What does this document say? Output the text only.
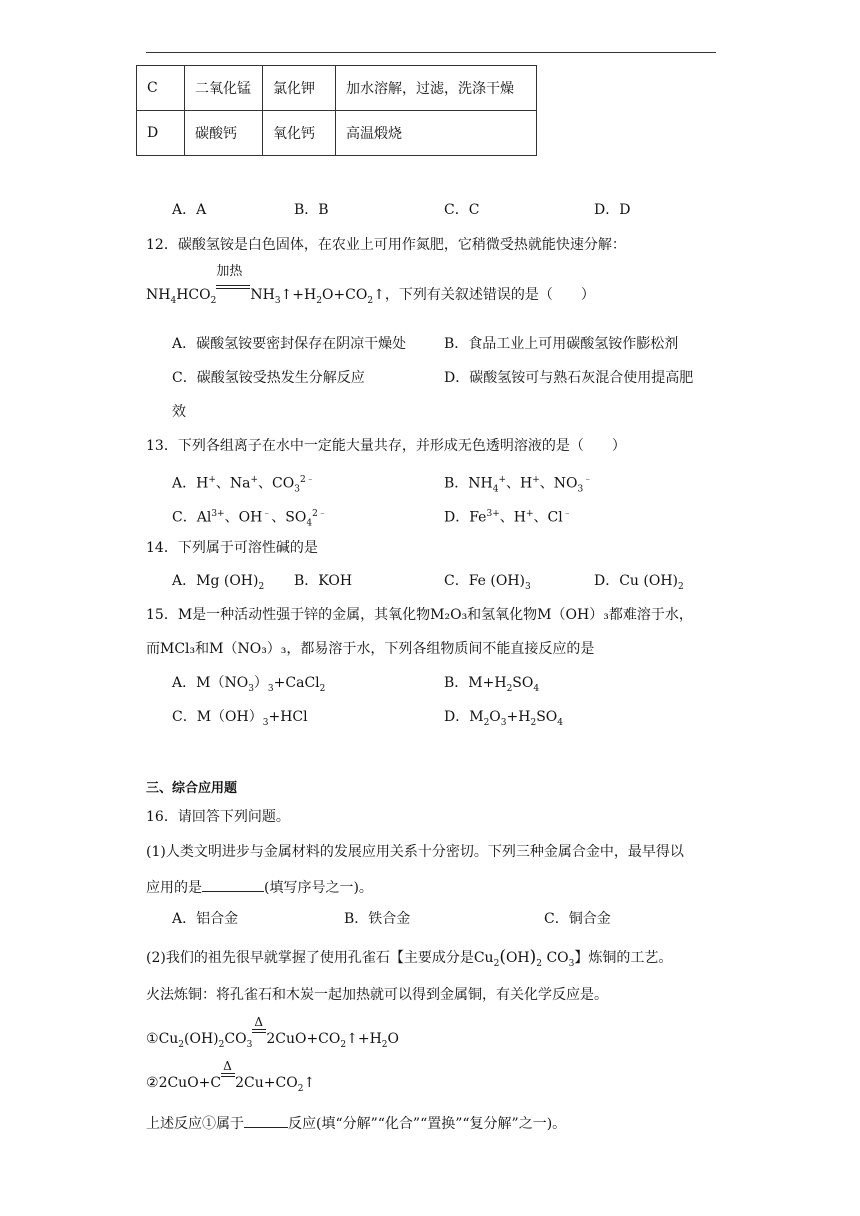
C	二氧化锰	氯化钾	加水溶解，过滤，洗涤干燥
D	碳酸钙	氧化钙	高温煅烧
A．A	B．B	C．C	D．D
12．碳酸氢铵是白色固体，在农业上可用作氮肥，它稍微受热就能快速分解：
$NH_4HCO_2$
加热
$NH_3↑+H_2O+CO_2↑$，下列有关叙述错误的是（　　）
A．碳酸氢铵要密封保存在阴凉干燥处	B．食品工业上可用碳酸氢铵作膨松剂
C．碳酸氢铵受热发生分解反应	D．碳酸氢铵可与熟石灰混合使用提高肥
效
13．下列各组离子在水中一定能大量共存，并形成无色透明溶液的是（　　）
A．H+、Na+、$CO_3^{2﹣}$	B．$NH_4^+$、H+、$NO_3^﹣$
C．$Al^{3+}$、OH﹣、$SO_4^{2﹣}$	D．$Fe^{3+}$、H+、Cl﹣
14．下列属于可溶性碱的是
A．Mg $(OH)_2$ B．KOH	C．Fe $(OH)_3$	D．Cu $(OH)_2$
15．M是一种活动性强于锌的金属，其氧化物M₂O₃和氢氧化物M（OH）₃都难溶于水，
而MCl₃和M（NO₃）₃，都易溶于水，下列各组物质间不能直接反应的是
A．$M(NO_3)_3+CaCl_2$	B．$M+H_2SO_4$
C．$M(OH)_3+HCl$	D．$M_2O_3+H_2SO_4$
三、综合应用题
16．请回答下列问题。
(1)人类文明进步与金属材料的发展应用关系十分密切。下列三种金属合金中，最早得以
应用的是	(填写序号之一)。
A．铝合金	B．铁合金	C．铜合金
(2)我们的祖先很早就掌握了使用孔雀石【主要成分是$Cu_2(OH)_2$ $CO_3$】炼铜的工艺。
火法炼铜：将孔雀石和木炭一起加热就可以得到金属铜，有关化学反应是。
$①Cu_2(OH)_2CO_3$
Δ
$2CuO+CO_2↑+H_2O$
②2CuO+C
Δ
$2Cu+CO_2↑$
上述反应①属于	反应(填“分解”“化合”“置换”“复分解”之一)。
